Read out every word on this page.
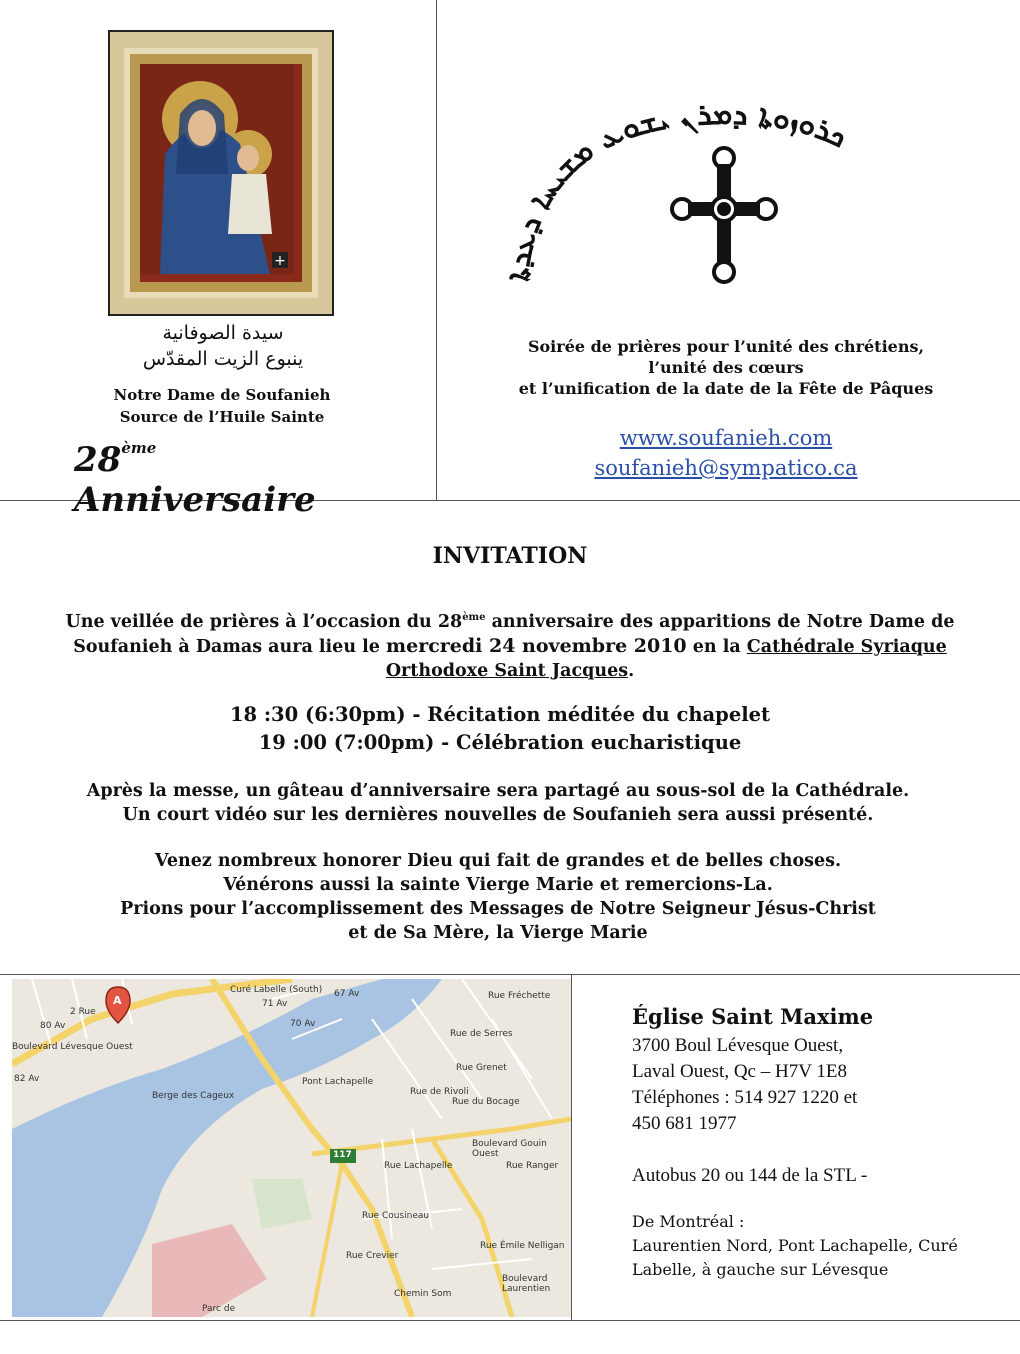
+
سيدة الصوفانية
ينبوع الزيت المقدّس
Notre Dame de Soufanieh
Source de l’Huile Sainte
28ème Anniversaire
ܟܪܘܙܘܬܐ ܕܡܪܢ ܝܫܘܥ ܡܫܝܚܐ ܕܥܕܬܐ
Soirée de prières pour l’unité des chrétiens,
l’unité des cœurs
et l’unification de la date de la Fête de Pâques
www.soufanieh.com
soufanieh@sympatico.ca
INVITATION
Une veillée de prières à l’occasion du 28ème anniversaire des apparitions de Notre Dame de
Soufanieh à Damas aura lieu le mercredi 24 novembre 2010 en la Cathédrale Syriaque
Orthodoxe Saint Jacques.
18 :30 (6:30pm) - Récitation méditée du chapelet
19 :00 (7:00pm) - Célébration eucharistique
Après la messe, un gâteau d’anniversaire sera partagé au sous-sol de la Cathédrale.
Un court vidéo sur les dernières nouvelles de Soufanieh sera aussi présenté.
Venez nombreux honorer Dieu qui fait de grandes et de belles choses.
Vénérons aussi la sainte Vierge Marie et remercions-La.
Prions pour l’accomplissement des Messages de Notre Seigneur Jésus-Christ
et de Sa Mère, la Vierge Marie
A
2 Rue
80 Av
Boulevard Lévesque Ouest
82 Av
Berge des Cageux
71 Av
70 Av
67 Av
Pont Lachapelle
Curé Labelle (South)
Rue Fréchette
Rue de Serres
Rue Grenet
Rue de Rivoli
Rue du Bocage
Boulevard Gouin Ouest
Rue Lachapelle	Rue Ranger
Rue Cousineau
Rue Crevier
Rue Émile Nelligan
Boulevard Laurentien
Chemin Som
Parc de
117
Église Saint Maxime
3700 Boul Lévesque Ouest,
Laval Ouest, Qc – H7V 1E8
Téléphones : 514 927 1220 et
450 681 1977
Autobus 20 ou 144 de la STL -
De Montréal :
Laurentien Nord, Pont Lachapelle, Curé
Labelle, à gauche sur Lévesque
